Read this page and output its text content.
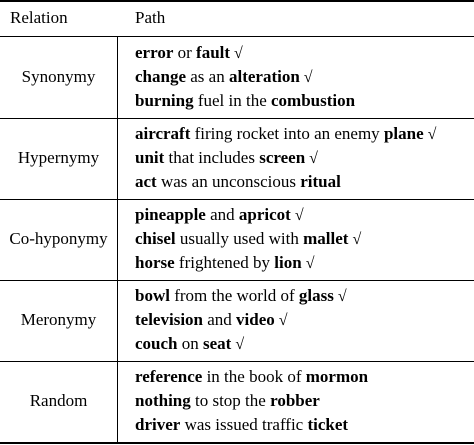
Relation	Path
Synonymy
error or fault √
change as an alteration √
burning fuel in the combustion
Hypernymy
aircraft firing rocket into an enemy plane √
unit that includes screen √
act was an unconscious ritual
Co-hyponymy
pineapple and apricot √
chisel usually used with mallet √
horse frightened by lion √
Meronymy
bowl from the world of glass √
television and video √
couch on seat √
Random
reference in the book of mormon
nothing to stop the robber
driver was issued traffic ticket
